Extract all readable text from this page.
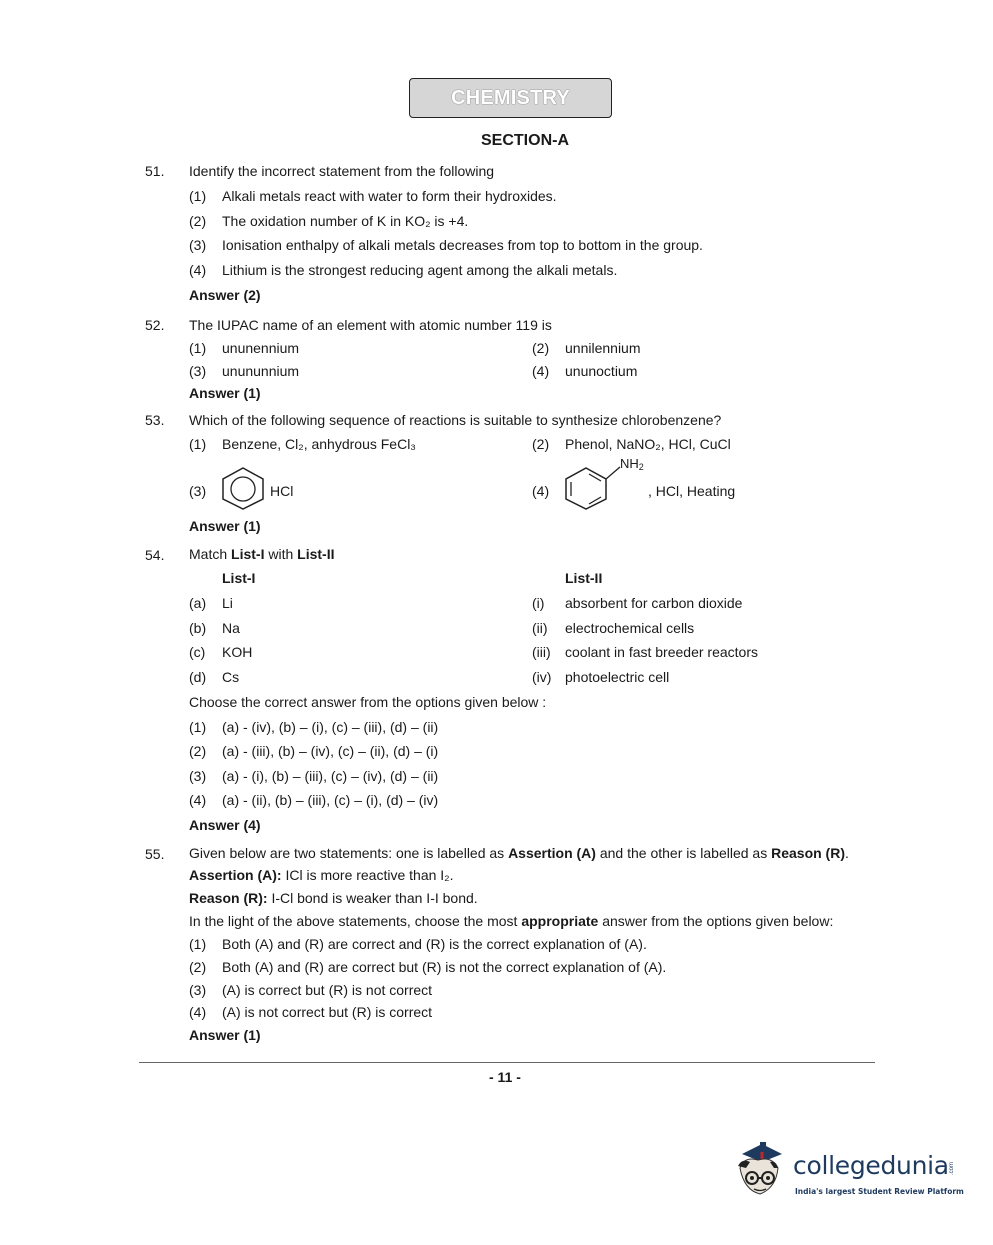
CHEMISTRY
SECTION-A
51. Identify the incorrect statement from the following
(1) Alkali metals react with water to form their hydroxides.
(2) The oxidation number of K in KO₂ is +4.
(3) Ionisation enthalpy of alkali metals decreases from top to bottom in the group.
(4) Lithium is the strongest reducing agent among the alkali metals.
Answer (2)
52. The IUPAC name of an element with atomic number 119 is
(1) ununennium	(2) unnilennium
(3) unununnium	(4) ununoctium
Answer (1)
53. Which of the following sequence of reactions is suitable to synthesize chlorobenzene?
(1) Benzene, Cl₂, anhydrous FeCl₃	(2) Phenol, NaNO₂, HCl, CuCl
(3)	HCl	(4)
$NH_2$
, HCl, Heating
Answer (1)
54. Match List-I with List-II
List-I	List-II
(a) Li	(i) absorbent for carbon dioxide
(b) Na	(ii) electrochemical cells
(c) KOH	(iii) coolant in fast breeder reactors
(d) Cs	(iv) photoelectric cell
Choose the correct answer from the options given below :
(1) (a) - (iv), (b) – (i), (c) – (iii), (d) – (ii)
(2) (a) - (iii), (b) – (iv), (c) – (ii), (d) – (i)
(3) (a) - (i), (b) – (iii), (c) – (iv), (d) – (ii)
(4) (a) - (ii), (b) – (iii), (c) – (i), (d) – (iv)
Answer (4)
55. Given below are two statements: one is labelled as Assertion (A) and the other is labelled as Reason (R).
Assertion (A): ICl is more reactive than I₂.
Reason (R): I-Cl bond is weaker than I-I bond.
In the light of the above statements, choose the most appropriate answer from the options given below:
(1) Both (A) and (R) are correct and (R) is the correct explanation of (A).
(2) Both (A) and (R) are correct but (R) is not the correct explanation of (A).
(3) (A) is correct but (R) is not correct
(4) (A) is not correct but (R) is correct
Answer (1)
- 11 -
collegedunia .com
India's largest Student Review Platform
